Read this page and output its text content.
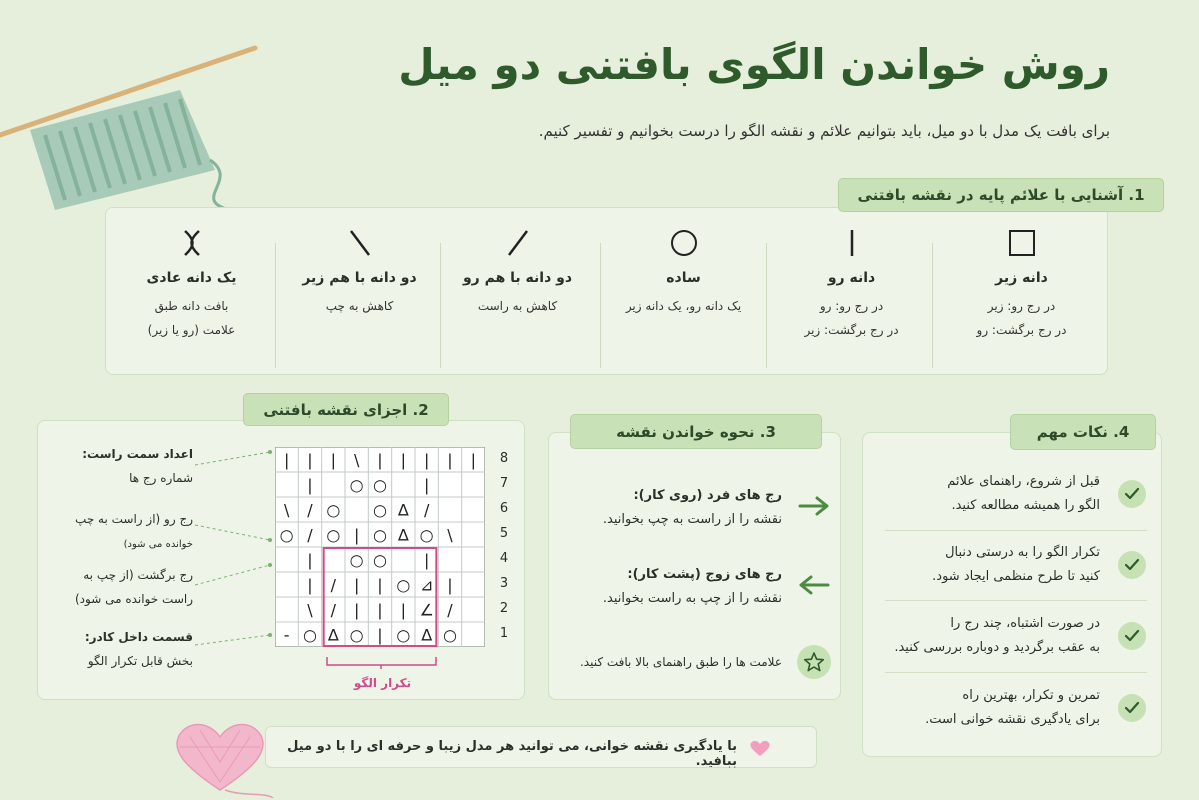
روش خواندن الگوی بافتنی دو میل
برای بافت یک مدل با دو میل، باید بتوانیم علائم و نقشه الگو را درست بخوانیم و تفسیر کنیم.
1. آشنایی با علائم پایه در نقشه بافتنی
دانه زیر
در رج رو: زیر
در رج برگشت: رو
دانه رو
در رج رو: رو
در رج برگشت: زیر
ساده
یک دانه رو، یک دانه زیر
دو دانه با هم رو
کاهش به راست
دو دانه با هم زیر
کاهش به چپ
یک دانه عادی
بافت دانه طبق
علامت (رو یا زیر)
2. اجزای نقشه بافتنی
اعداد سمت راست:
شماره رج ها
رج رو (از راست به چپ
خوانده می شود)
رج برگشت (از چپ به
راست خوانده می شود)
قسمت داخل کادر:
بخش قابل تکرار الگو
| | | \ | | | | |
| ○ ○ |
\ / ○ ○ ∆ /
○ / ○ | ○ ∆ ○ \
| ○ ○ |
| / | | ○ ⊿ |
\ / | | | ∠ /
- ○ ∆ ○ | ○ ∆ ○
8
7
6
5
4
3
2
1
تکرار الگو
3. نحوه خواندن نقشه
رج های فرد (روی کار):
نقشه را از راست به چپ بخوانید.
رج های زوج (پشت کار):
نقشه را از چپ به راست بخوانید.
علامت ها را طبق راهنمای بالا بافت کنید.
4. نکات مهم
قبل از شروع، راهنمای علائم
الگو را همیشه مطالعه کنید.
تکرار الگو را به درستی دنبال
کنید تا طرح منظمی ایجاد شود.
در صورت اشتباه، چند رج را
به عقب برگردید و دوباره بررسی کنید.
تمرین و تکرار، بهترین راه
برای یادگیری نقشه خوانی است.
با یادگیری نقشه خوانی، می توانید هر مدل زیبا و حرفه ای را با دو میل ببافید.
